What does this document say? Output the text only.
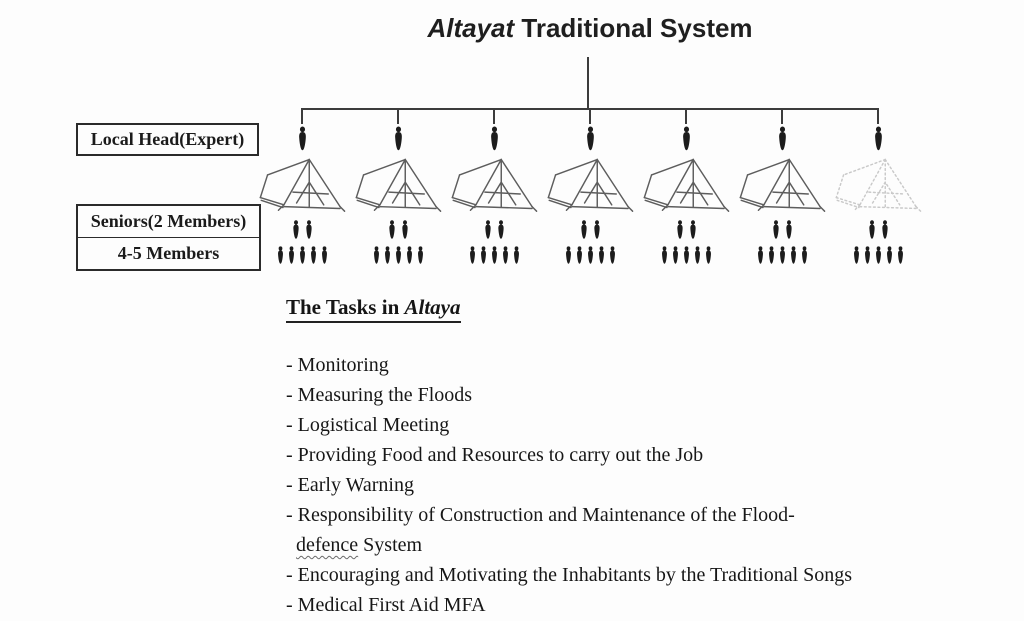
Altayat Traditional System
Local Head(Expert)
Seniors(2 Members)
4-5 Members
The Tasks in Altaya
- Monitoring
- Measuring the Floods
- Logistical Meeting
- Providing Food and Resources to carry out the Job
- Early Warning
- Responsibility of Construction and Maintenance of the Flood-
defence System
- Encouraging and Motivating the Inhabitants by the Traditional Songs
- Medical First Aid MFA
